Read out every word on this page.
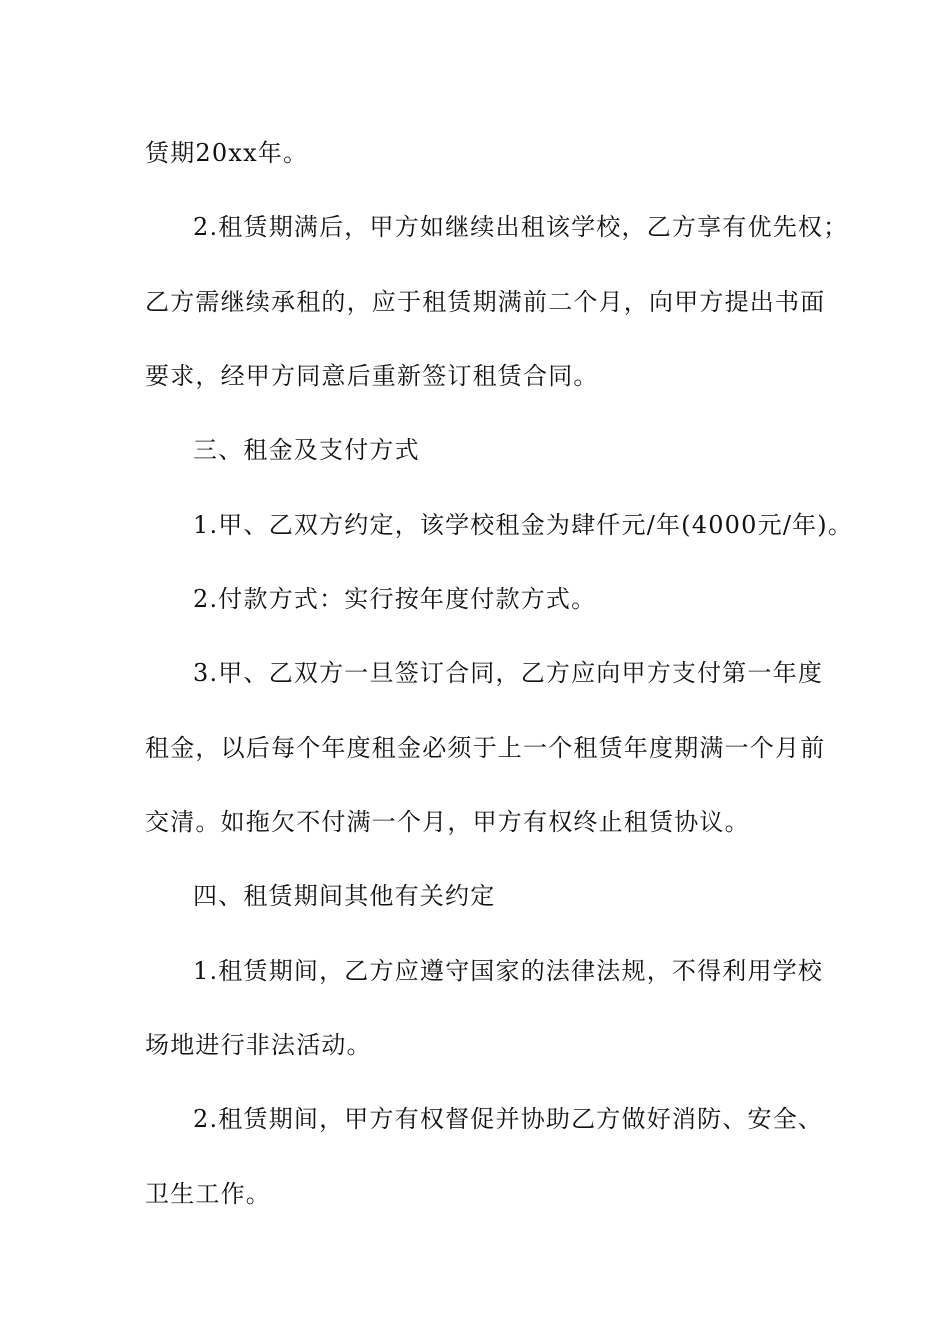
赁期20xx年。
2.租赁期满后，甲方如继续出租该学校，乙方享有优先权；
乙方需继续承租的，应于租赁期满前二个月，向甲方提出书面
要求，经甲方同意后重新签订租赁合同。
三、租金及支付方式
1.甲、乙双方约定，该学校租金为肆仟元/年(4000元/年)。
2.付款方式：实行按年度付款方式。
3.甲、乙双方一旦签订合同，乙方应向甲方支付第一年度
租金，以后每个年度租金必须于上一个租赁年度期满一个月前
交清。如拖欠不付满一个月，甲方有权终止租赁协议。
四、租赁期间其他有关约定
1.租赁期间，乙方应遵守国家的法律法规，不得利用学校
场地进行非法活动。
2.租赁期间，甲方有权督促并协助乙方做好消防、安全、
卫生工作。
